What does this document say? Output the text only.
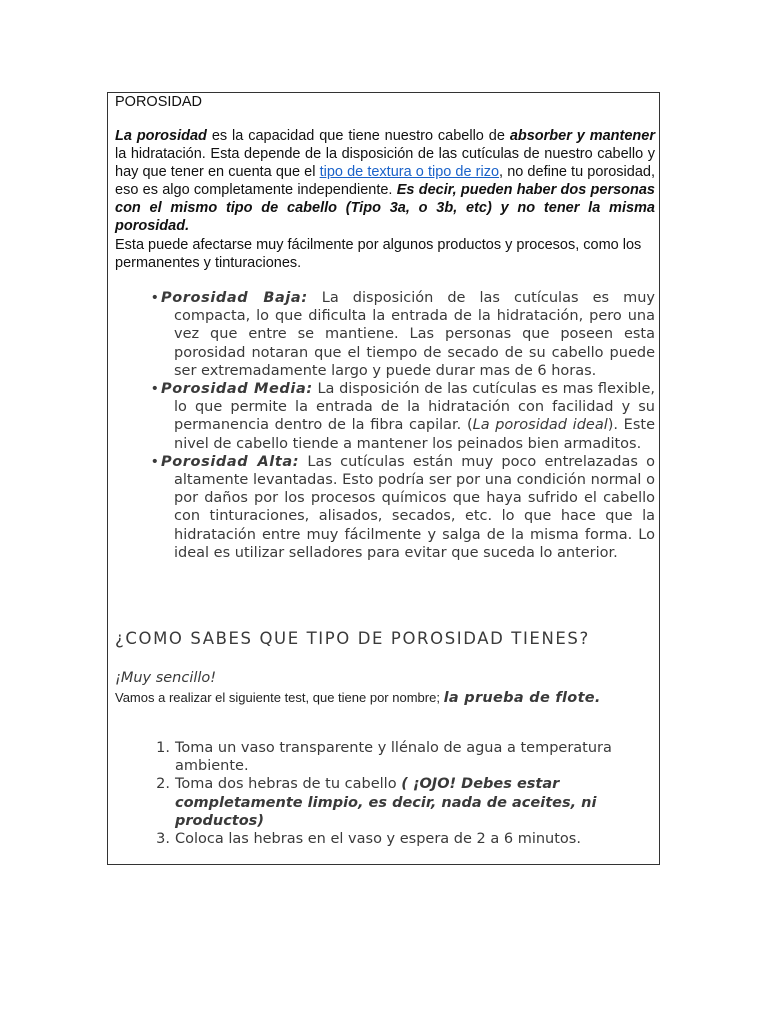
POROSIDAD
La porosidad es la capacidad que tiene nuestro cabello de absorber y mantener la hidratación. Esta depende de la disposición de las cutículas de nuestro cabello y hay que tener en cuenta que el tipo de textura o tipo de rizo, no define tu porosidad, eso es algo completamente independiente. Es decir, pueden haber dos personas con el mismo tipo de cabello (Tipo 3a, o 3b, etc) y no tener la misma porosidad.
Esta puede afectarse muy fácilmente por algunos productos y procesos, como los permanentes y tinturaciones.
• Porosidad Baja: La disposición de las cutículas es muy compacta, lo que dificulta la entrada de la hidratación, pero una vez que entre se mantiene. Las personas que poseen esta porosidad notaran que el tiempo de secado de su cabello puede ser extremadamente largo y puede durar mas de 6 horas.
• Porosidad Media: La disposición de las cutículas es mas flexible, lo que permite la entrada de la hidratación con facilidad y su permanencia dentro de la fibra capilar. (La porosidad ideal). Este nivel de cabello tiende a mantener los peinados bien armaditos.
• Porosidad Alta: Las cutículas están muy poco entrelazadas o altamente levantadas. Esto podría ser por una condición normal o por daños por los procesos químicos que haya sufrido el cabello con tinturaciones, alisados, secados, etc. lo que hace que la hidratación entre muy fácilmente y salga de la misma forma. Lo ideal es utilizar selladores para evitar que suceda lo anterior.
¿COMO SABES QUE TIPO DE POROSIDAD TIENES?
¡Muy sencillo!
Vamos a realizar el siguiente test, que tiene por nombre; la prueba de flote.
1. Toma un vaso transparente y llénalo de agua a temperatura ambiente.
2. Toma dos hebras de tu cabello ( ¡OJO! Debes estar completamente limpio, es decir, nada de aceites, ni productos)
3. Coloca las hebras en el vaso y espera de 2 a 6 minutos.
